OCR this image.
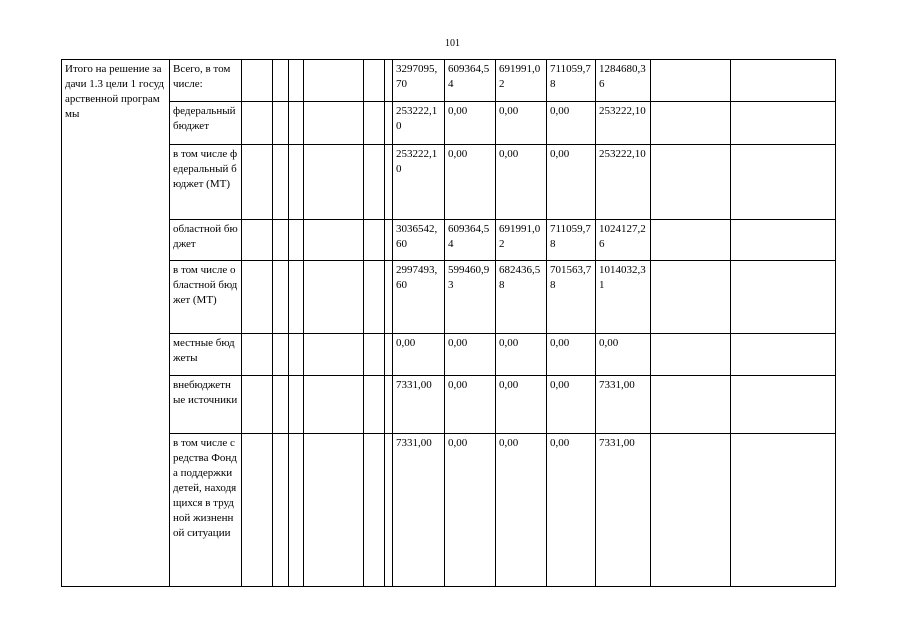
101
Итого на решение задачи 1.3 цели 1 государственной программы	Всего, в том числе:							3297095,70	609364,54	691991,02	711059,78	1284680,36		
	федеральный бюджет							253222,10	0,00	0,00	0,00	253222,10		
	в том числе федеральный бюджет (МТ)							253222,10	0,00	0,00	0,00	253222,10		
	областной бюджет							3036542,60	609364,54	691991,02	711059,78	1024127,26		
	в том числе областной бюджет (МТ)							2997493,60	599460,93	682436,58	701563,78	1014032,31		
	местные бюджеты							0,00	0,00	0,00	0,00	0,00		
	внебюджетные источники							7331,00	0,00	0,00	0,00	7331,00		
	в том числе средства Фонда поддержки детей, находящихся в трудной жизненной ситуации							7331,00	0,00	0,00	0,00	7331,00		
